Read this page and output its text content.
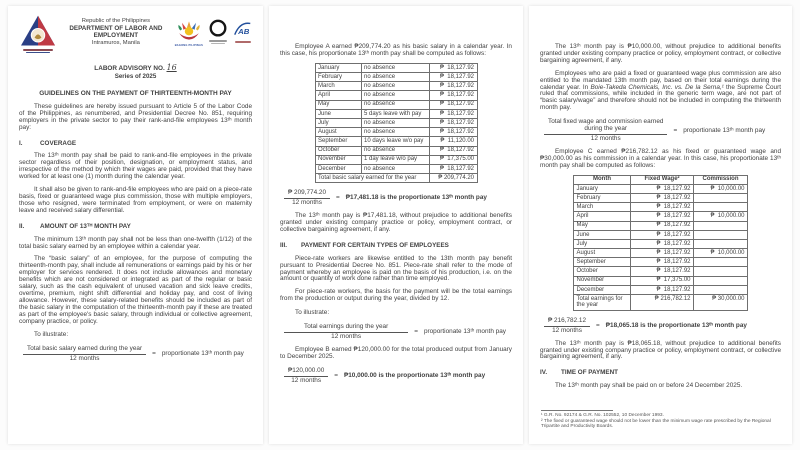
Republic of the Philippines
DEPARTMENT OF LABOR AND EMPLOYMENT
Intramuros, Manila	BAGONG PILIPINAS
AB
LABOR ADVISORY NO. 16
Series of 2025
GUIDELINES ON THE PAYMENT OF THIRTEENTH-MONTH PAY

These guidelines are hereby issued pursuant to Article 5 of the Labor Code of the Philippines, as renumbered, and Presidential Decree No. 851, requiring employers in the private sector to pay their rank-and-file employees 13ᵗʰ month pay:

I.	COVERAGE

The 13ᵗʰ month pay shall be paid to rank-and-file employees in the private sector regardless of their position, designation, or employment status, and irrespective of the method by which their wages are paid, provided that they have worked for at least one (1) month during the calendar year.

It shall also be given to rank-and-file employees who are paid on a piece-rate basis, fixed or guaranteed wage plus commission, those with multiple employers, those who resigned, were terminated from employment, or were on maternity leave and received salary differential.

II.	AMOUNT OF 13ᵀᴴ MONTH PAY

The minimum 13ᵗʰ month pay shall not be less than one-twelfth (1/12) of the total basic salary earned by an employee within a calendar year.

The “basic salary” of an employee, for the purpose of computing the thirteenth-month pay, shall include all remunerations or earnings paid by his or her employer for services rendered. It does not include allowances and monetary benefits which are not considered or integrated as part of the regular or basic salary, such as the cash equivalent of unused vacation and sick leave credits, overtime, premium, night shift differential and holiday pay, and cost of living allowance. However, these salary-related benefits should be included as part of the basic salary in the computation of the thirteenth-month pay if these are treated as part of the employee's basic salary, through individual or collective agreement, company practice, or policy.

To illustrate:
$\frac{\text{Total basic salary earned during the year}}{\text{12 months}}$ = proportionate 13ᵗʰ month pay

Employee A earned ₱209,774.20 as his basic salary in a calendar year. In this case, his proportionate 13ᵗʰ month pay shall be computed as follows:

January	no absence	₱  18,127.92
February	no absence	₱  18,127.92
March	no absence	₱  18,127.92
April	no absence	₱  18,127.92
May	no absence	₱  18,127.92
June	5 days leave with pay	₱  18,127.92
July	no absence	₱  18,127.92
August	no absence	₱  18,127.92
September	10 days leave w/o pay	₱  11,120.00
October	no absence	₱  18,127.92
November	1 day leave w/o pay	₱  17,375.00
December	no absence	₱  18,127.92
Total basic salary earned for the year		₱ 209,774.20
$\frac{₱ 209,774.20}{\text{12 months}}$ = ₱17,481.18 is the proportionate 13ᵗʰ month pay

The 13ᵗʰ month pay is ₱17,481.18, without prejudice to additional benefits granted under existing company practice or policy, employment contract, or collective bargaining agreement, if any.

III.	PAYMENT FOR CERTAIN TYPES OF EMPLOYEES

Piece-rate workers are likewise entitled to the 13th month pay benefit pursuant to Presidential Decree No. 851. Piece-rate shall refer to the mode of payment whereby an employee is paid on the basis of his production, i.e. on the amount or quantity of work done rather than time employed.

For piece-rate workers, the basis for the payment will be the total earnings from the production or output during the year, divided by 12.

To illustrate:
$\frac{\text{Total earnings during the year}}{\text{12 months}}$ = proportionate 13ᵗʰ month pay

Employee B earned ₱120,000.00 for the total produced output from January to December 2025.

$\frac{₱120,000.00}{\text{12 months}}$ = ₱10,000.00 is the proportionate 13ᵗʰ month pay

The 13ᵗʰ month pay is ₱10,000.00, without prejudice to additional benefits granted under existing company practice or policy, employment contract, or collective bargaining agreement, if any.

Employees who are paid a fixed or guaranteed wage plus commission are also entitled to the mandated 13th month pay, based on their total earnings during the calendar year. In Boie-Takeda Chemicals, Inc. vs. De la Serna,¹ the Supreme Court ruled that commissions, while included in the generic term wage, are not part of “basic salary/wage” and therefore should not be included in computing the thirteenth month pay.

Total fixed wage and commission earned
during the year
12 months
= proportionate 13ᵗʰ month pay

Employee C earned ₱216,782.12 as his fixed or guaranteed wage and ₱30,000.00 as his commission in a calendar year. In this case, his proportionate 13ᵗʰ month pay shall be computed as follows:

Month	Fixed Wage²	Commission
January	₱  18,127.92	₱  10,000.00
February	₱  18,127.92	
March	₱  18,127.92	
April	₱  18,127.92	₱  10,000.00
May	₱  18,127.92	
June	₱  18,127.92	
July	₱  18,127.92	
August	₱  18,127.92	₱  10,000.00
September	₱  18,127.92	
October	₱  18,127.92	
November	₱  17,375.00	
December	₱  18,127.92	
Total earnings for the year	₱ 216,782.12	₱ 30,000.00
$\frac{₱ 216,782.12}{\text{12 months}}$ = ₱18,065.18 is the proportionate 13ᵗʰ month pay

The 13ᵗʰ month pay is ₱18,065.18, without prejudice to additional benefits granted under existing company practice or policy, employment contract, or collective bargaining agreement, if any.

IV.	TIME OF PAYMENT

The 13ᵗʰ month pay shall be paid on or before 24 December 2025.

¹ G.R. No. 92174 & G.R. No. 102552, 10 December 1993.
² The fixed or guaranteed wage should not be lower than the minimum wage rate prescribed by the Regional Tripartite and Productivity Boards.
